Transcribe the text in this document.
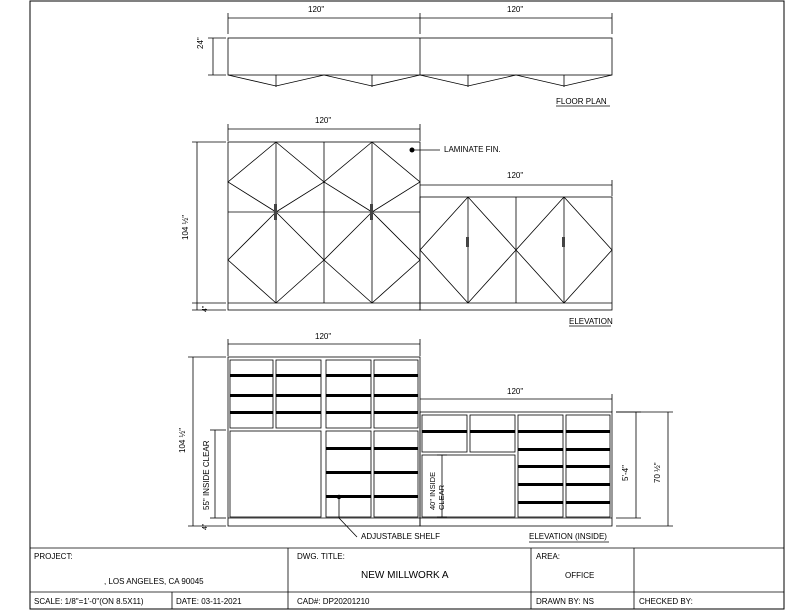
120"	120"
24"
FLOOR PLAN
120"
LAMINATE FIN.
120"
104 ½"
4"
ELEVATION
120"
120"
104 ½"
55" INSIDE CLEAR
4"
40" INSIDE CLEAR
5'-4"	70 ½"
ADJUSTABLE SHELF	ELEVATION (INSIDE)
PROJECT:
, LOS ANGELES, CA 90045
DWG. TITLE:
NEW MILLWORK A
AREA:
OFFICE
SCALE: 1/8"=1'-0"(ON 8.5X11)	DATE: 03-11-2021	CAD#: DP20201210	DRAWN BY: NS	CHECKED BY:
